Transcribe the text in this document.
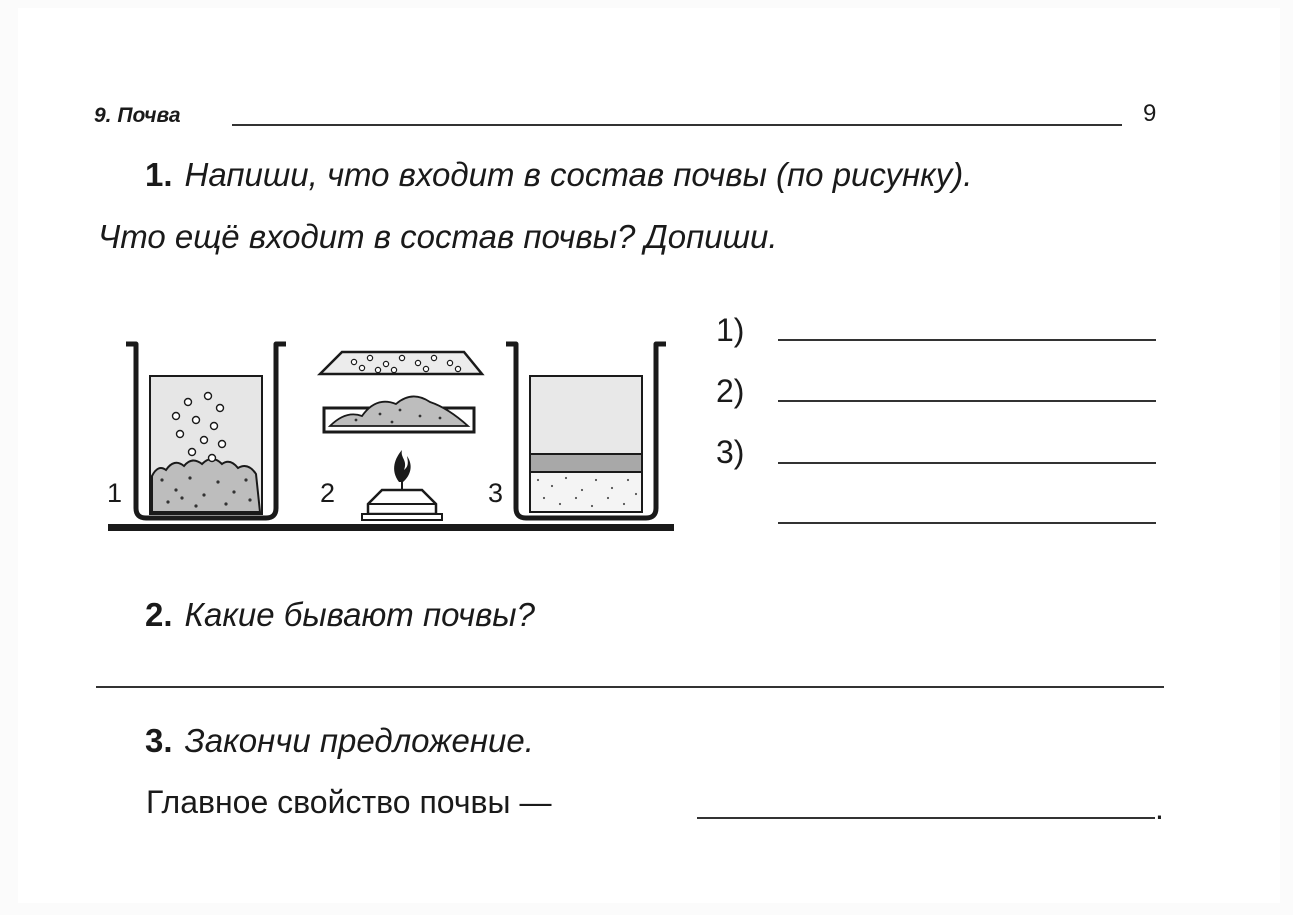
9. Почва	9
1. Напиши, что входит в состав почвы (по рисунку).
Что ещё входит в состав почвы? Допиши.
1)
2)
3)
1	2	3
2. Какие бывают почвы?
3. Закончи предложение.
Главное свойство почвы —	.
